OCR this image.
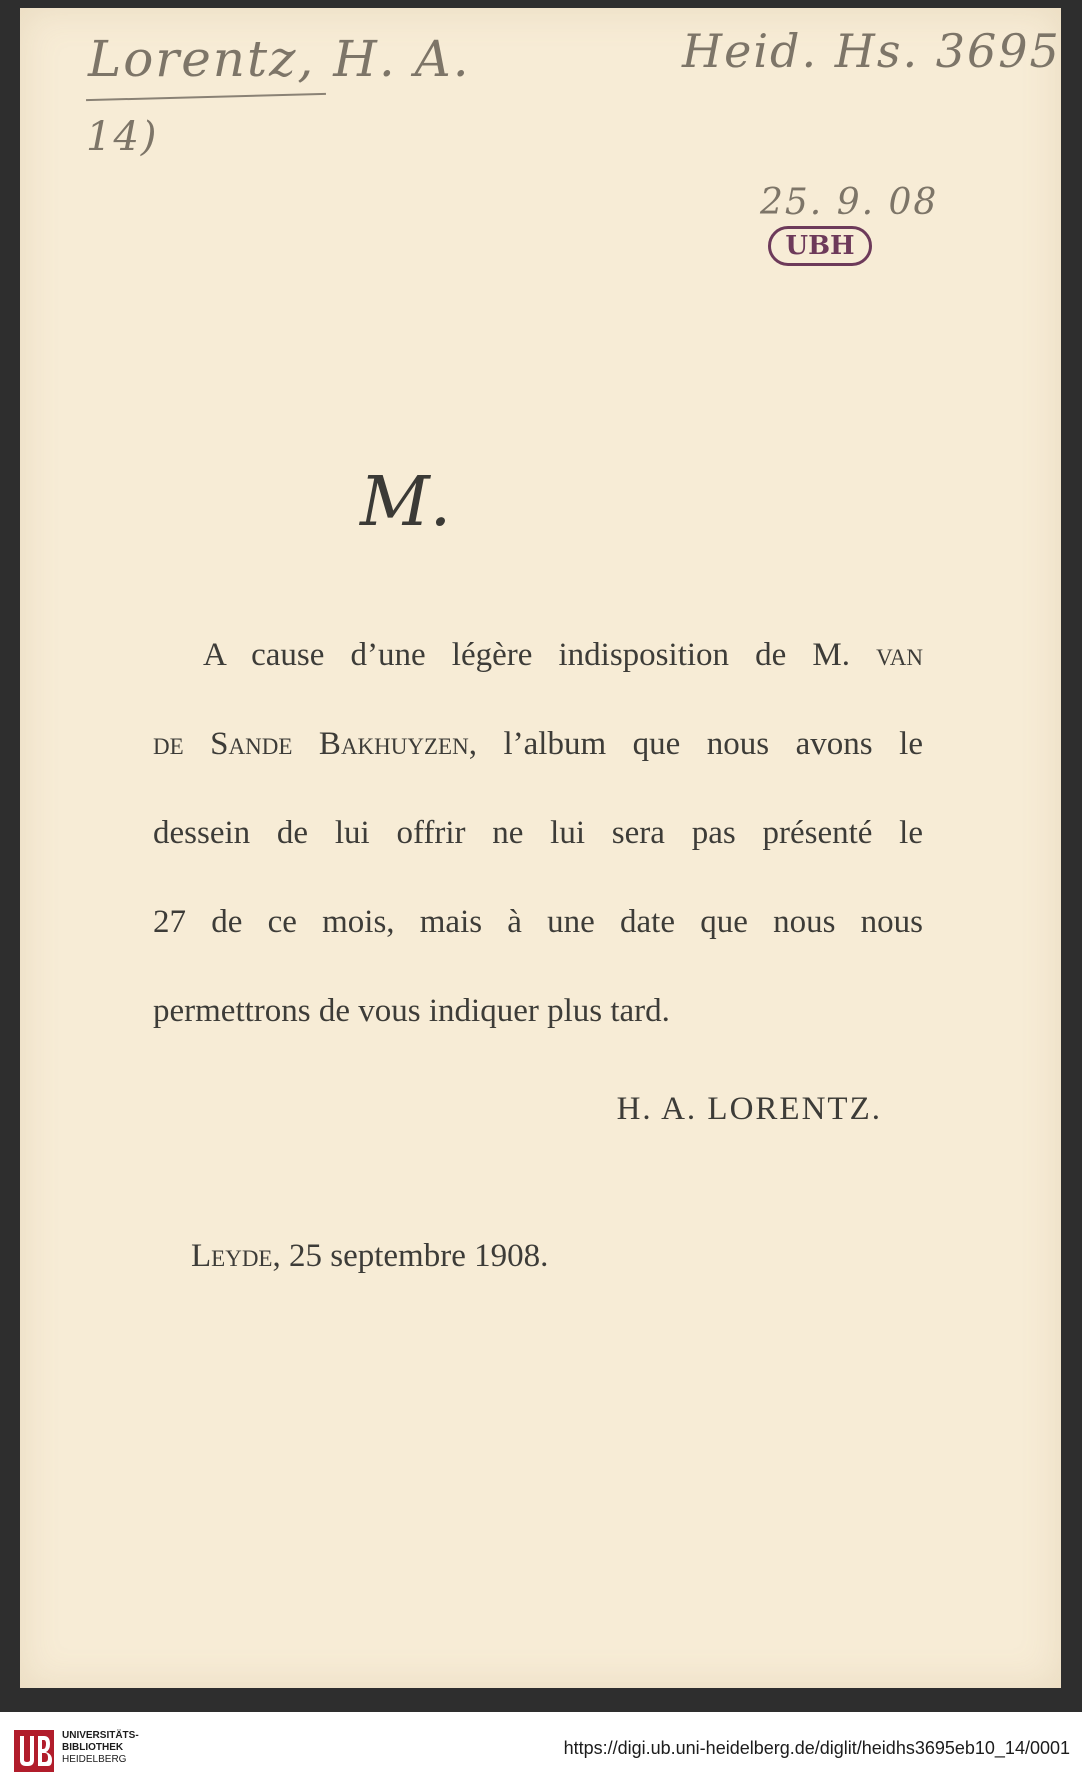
Lorentz, H. A.
14)
Heid. Hs. 3695
25. 9. 08
UBH
M.
A cause d’une légère indisposition de M. van
de Sande Bakhuyzen, l’album que nous avons le
dessein de lui offrir ne lui sera pas présenté le
27 de ce mois, mais à une date que nous nous
permettrons de vous indiquer plus tard.
H. A. LORENTZ.
Leyde, 25 septembre 1908.
UNIVERSITÄTS-
BIBLIOTHEK
HEIDELBERG
https://digi.ub.uni-heidelberg.de/diglit/heidhs3695eb10_14/0001
